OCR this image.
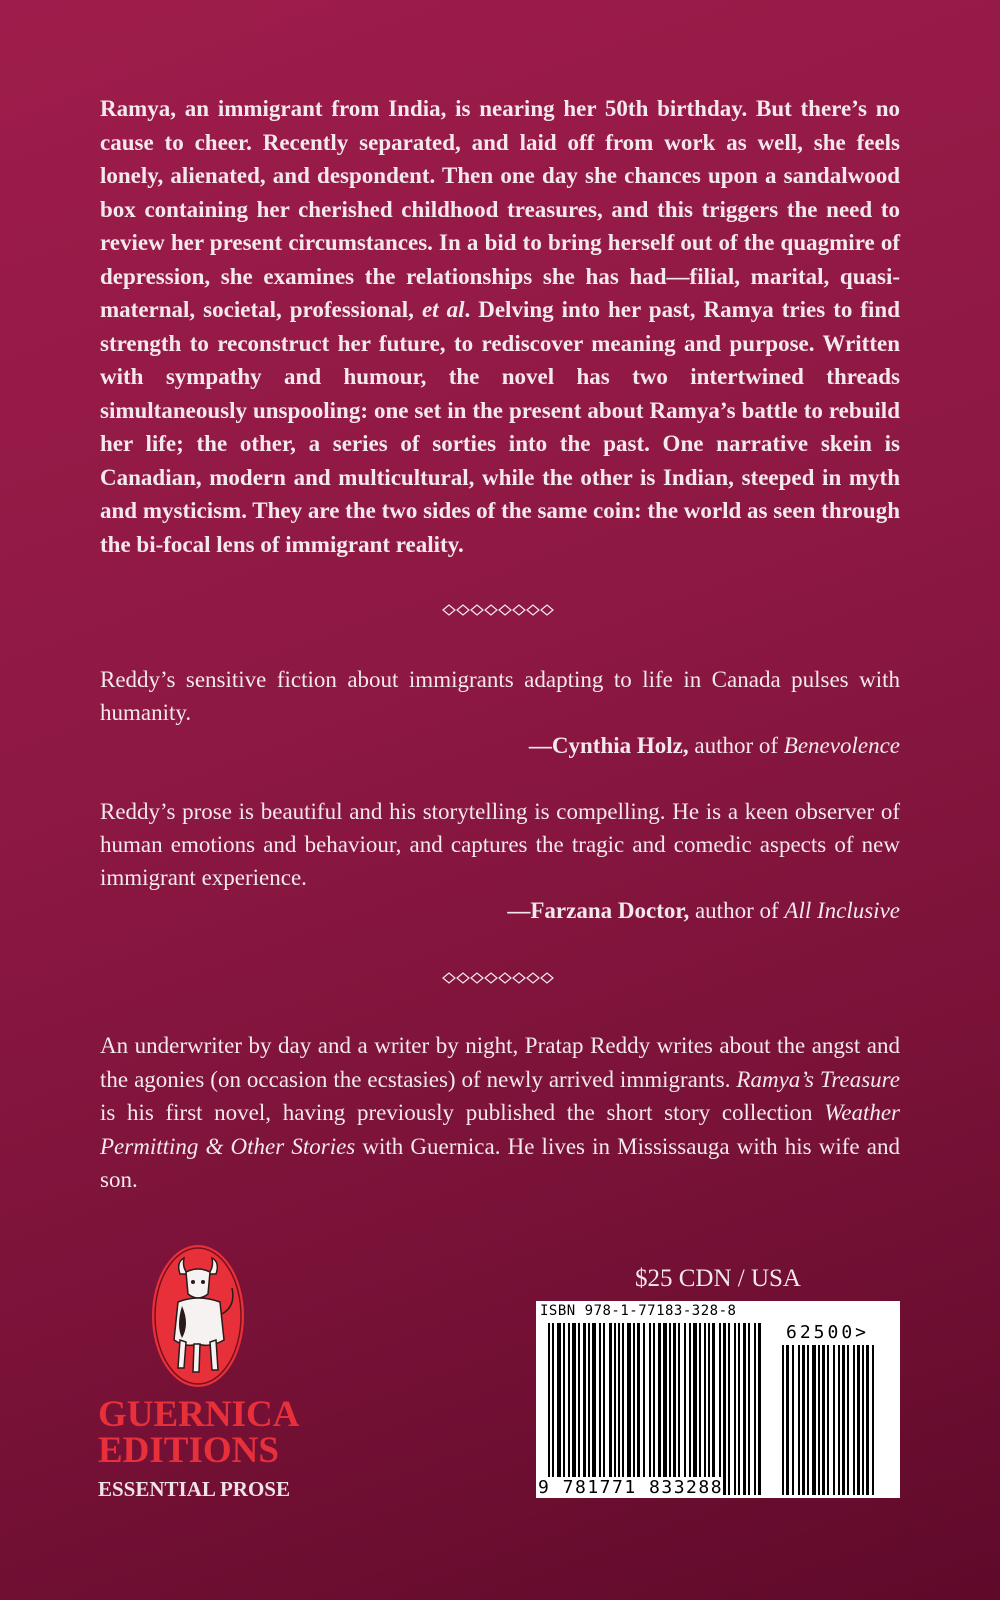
Ramya, an immigrant from India, is nearing her 50th birthday. But there’s no cause to cheer. Recently separated, and laid off from work as well, she feels lonely, alienated, and despondent. Then one day she chances upon a sandalwood box containing her cherished childhood treasures, and this triggers the need to review her present circumstances. In a bid to bring herself out of the quagmire of depression, she examines the relationships she has had—filial, marital, quasi-maternal, societal, professional, et al. Delving into her past, Ramya tries to find strength to reconstruct her future, to rediscover meaning and purpose. Written with sympathy and humour, the novel has two intertwined threads simultaneously unspooling: one set in the present about Ramya’s battle to rebuild her life; the other, a series of sorties into the past. One narrative skein is Canadian, modern and multicultural, while the other is Indian, steeped in myth and mysticism. They are the two sides of the same coin: the world as seen through the bi-focal lens of immigrant reality.

Reddy’s sensitive fiction about immigrants adapting to life in Canada pulses with humanity.

—Cynthia Holz, author of Benevolence

Reddy’s prose is beautiful and his storytelling is compelling. He is a keen observer of human emotions and behaviour, and captures the tragic and comedic aspects of new immigrant experience.

—Farzana Doctor, author of All Inclusive

An underwriter by day and a writer by night, Pratap Reddy writes about the angst and the agonies (on occasion the ecstasies) of newly arrived immigrants. Ramya’s Treasure is his first novel, having previously published the short story collection Weather Permitting & Other Stories with Guernica. He lives in Mississauga with his wife and son.

GUERNICA
EDITIONS
ESSENTIAL PROSE
$25 CDN / USA
ISBN 978-1-77183-328-8
62500>
9 781771 833288
